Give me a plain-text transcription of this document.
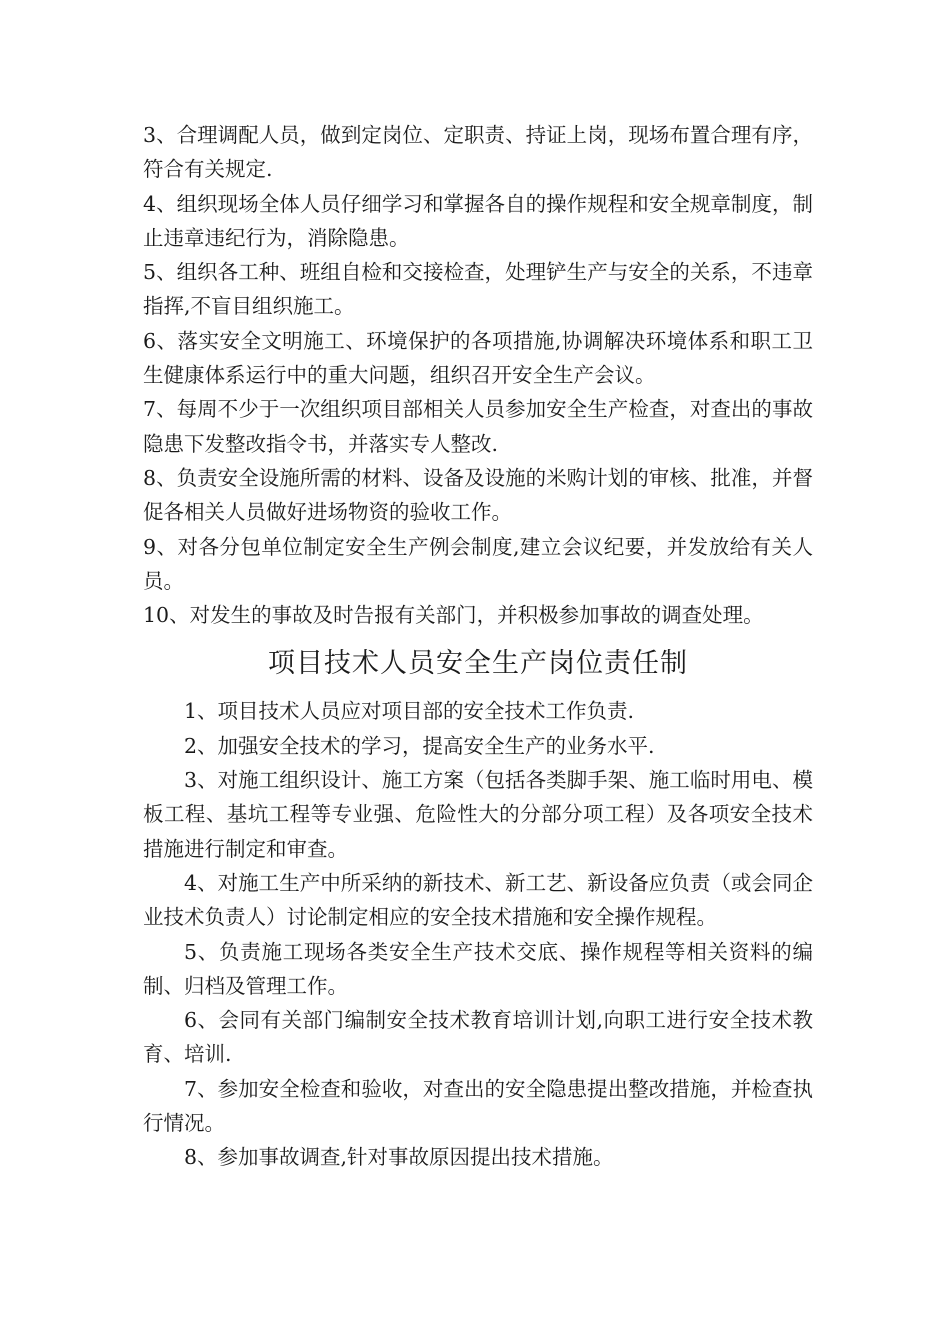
3、合理调配人员，做到定岗位、定职责、持证上岗，现场布置合理有序，符合有关规定.

4、组织现场全体人员仔细学习和掌握各自的操作规程和安全规章制度，制止违章违纪行为，消除隐患。

5、组织各工种、班组自检和交接检查，处理铲生产与安全的关系，不违章指挥,不盲目组织施工。

6、落实安全文明施工、环境保护的各项措施,协调解决环境体系和职工卫生健康体系运行中的重大问题，组织召开安全生产会议。

7、每周不少于一次组织项目部相关人员参加安全生产检查，对查出的事故隐患下发整改指令书，并落实专人整改.

8、负责安全设施所需的材料、设备及设施的米购计划的审核、批准，并督促各相关人员做好进场物资的验收工作。

9、对各分包单位制定安全生产例会制度,建立会议纪要，并发放给有关人员。

10、对发生的事故及时告报有关部门，并积极参加事故的调查处理。

项目技术人员安全生产岗位责任制

1、项目技术人员应对项目部的安全技术工作负责.

2、加强安全技术的学习，提高安全生产的业务水平.

3、对施工组织设计、施工方案（包括各类脚手架、施工临时用电、模板工程、基坑工程等专业强、危险性大的分部分项工程）及各项安全技术措施进行制定和审查。

4、对施工生产中所采纳的新技术、新工艺、新设备应负责（或会同企业技术负责人）讨论制定相应的安全技术措施和安全操作规程。

5、负责施工现场各类安全生产技术交底、操作规程等相关资料的编制、归档及管理工作。

6、会同有关部门编制安全技术教育培训计划,向职工进行安全技术教育、培训.

7、参加安全检查和验收，对查出的安全隐患提出整改措施，并检查执行情况。

8、参加事故调查,针对事故原因提出技术措施。
